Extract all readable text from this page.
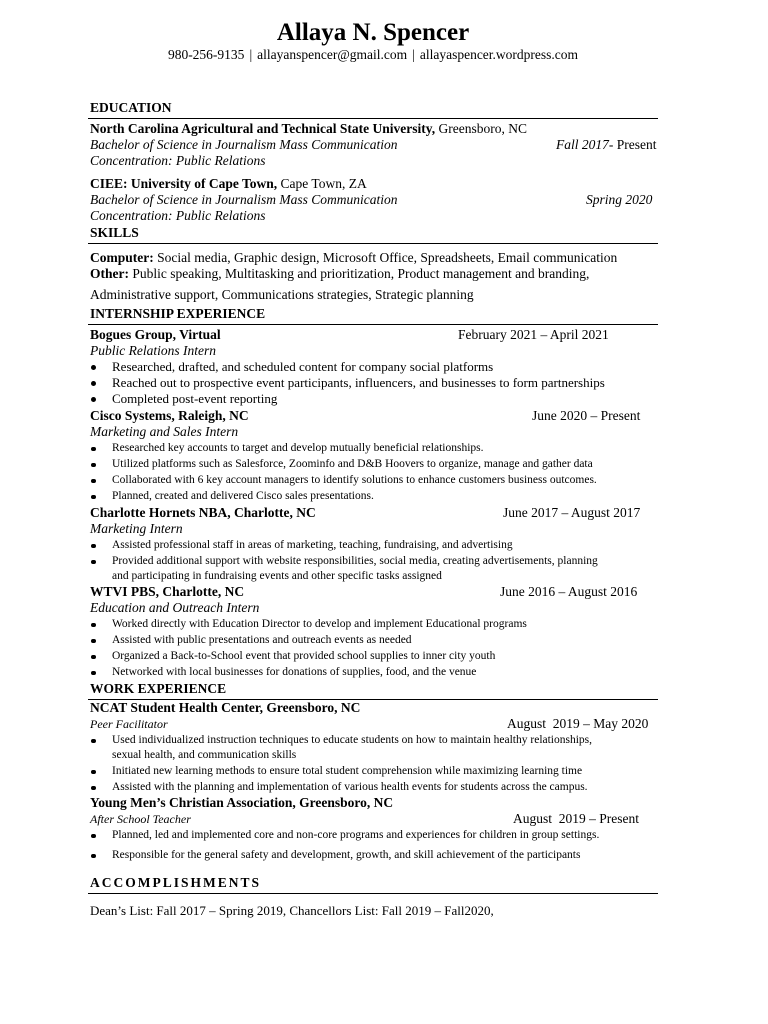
Allaya N. Spencer
980-256-9135 | allayanspencer@gmail.com | allayaspencer.wordpress.com
EDUCATION
North Carolina Agricultural and Technical State University, Greensboro, NC
Bachelor of Science in Journalism Mass Communication	Fall 2017- Present
Concentration: Public Relations
CIEE: University of Cape Town, Cape Town, ZA
Bachelor of Science in Journalism Mass Communication	Spring 2020
Concentration: Public Relations
SKILLS
Computer: Social media, Graphic design, Microsoft Office, Spreadsheets, Email communication
Other: Public speaking, Multitasking and prioritization, Product management and branding,
Administrative support, Communications strategies, Strategic planning
INTERNSHIP EXPERIENCE
Bogues Group, Virtual	February 2021 – April 2021
Public Relations Intern
Researched, drafted, and scheduled content for company social platforms
Reached out to prospective event participants, influencers, and businesses to form partnerships
Completed post-event reporting
Cisco Systems, Raleigh, NC	June 2020 – Present
Marketing and Sales Intern
Researched key accounts to target and develop mutually beneficial relationships.
Utilized platforms such as Salesforce, Zoominfo and D&B Hoovers to organize, manage and gather data
Collaborated with 6 key account managers to identify solutions to enhance customers business outcomes.
Planned, created and delivered Cisco sales presentations.
Charlotte Hornets NBA, Charlotte, NC	June 2017 – August 2017
Marketing Intern
Assisted professional staff in areas of marketing, teaching, fundraising, and advertising
Provided additional support with website responsibilities, social media, creating advertisements, planning
and participating in fundraising events and other specific tasks assigned
WTVI PBS, Charlotte, NC	June 2016 – August 2016
Education and Outreach Intern
Worked directly with Education Director to develop and implement Educational programs
Assisted with public presentations and outreach events as needed
Organized a Back-to-School event that provided school supplies to inner city youth
Networked with local businesses for donations of supplies, food, and the venue
WORK EXPERIENCE
NCAT Student Health Center, Greensboro, NC
Peer Facilitator	August  2019 – May 2020
Used individualized instruction techniques to educate students on how to maintain healthy relationships,
sexual health, and communication skills
Initiated new learning methods to ensure total student comprehension while maximizing learning time
Assisted with the planning and implementation of various health events for students across the campus.
Young Men’s Christian Association, Greensboro, NC
After School Teacher	August  2019 – Present
Planned, led and implemented core and non-core programs and experiences for children in group settings.
Responsible for the general safety and development, growth, and skill achievement of the participants
ACCOMPLISHMENTS
Dean’s List: Fall 2017 – Spring 2019, Chancellors List: Fall 2019 – Fall2020,
